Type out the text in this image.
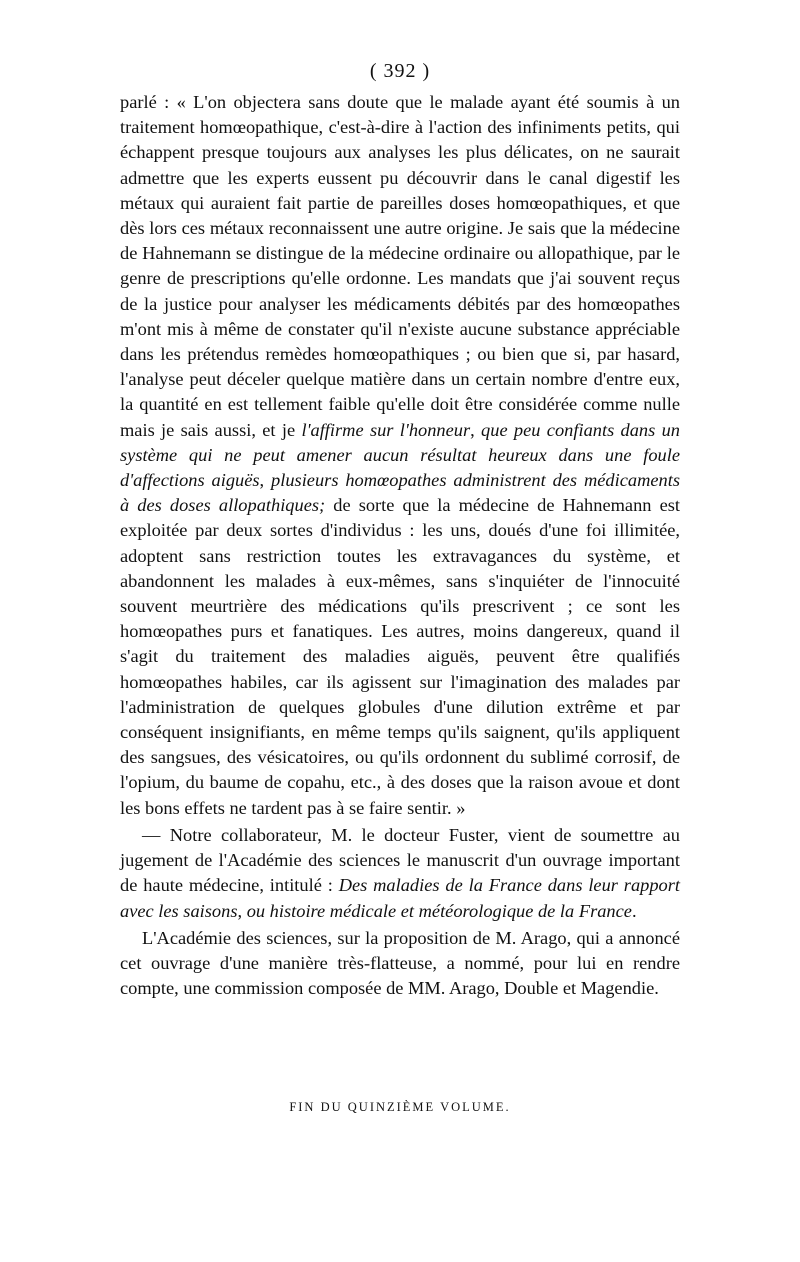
( 392 )

parlé : « L'on objectera sans doute que le malade ayant été soumis à un traitement homœopathique, c'est-à-dire à l'action des infiniments petits, qui échappent presque toujours aux analyses les plus délicates, on ne saurait admettre que les experts eussent pu découvrir dans le canal digestif les métaux qui auraient fait partie de pareilles doses homœopathiques, et que dès lors ces métaux reconnaissent une autre origine. Je sais que la médecine de Hahnemann se distingue de la médecine ordinaire ou allopathique, par le genre de prescriptions qu'elle ordonne. Les mandats que j'ai souvent reçus de la justice pour analyser les médicaments débités par des homœopathes m'ont mis à même de constater qu'il n'existe aucune substance appréciable dans les prétendus remèdes homœopathiques ; ou bien que si, par hasard, l'analyse peut déceler quelque matière dans un certain nombre d'entre eux, la quantité en est tellement faible qu'elle doit être considérée comme nulle mais je sais aussi, et je l'affirme sur l'honneur, que peu confiants dans un système qui ne peut amener aucun résultat heureux dans une foule d'affections aiguës, plusieurs homœopathes administrent des médicaments à des doses allopathiques; de sorte que la médecine de Hahnemann est exploitée par deux sortes d'individus : les uns, doués d'une foi illimitée, adoptent sans restriction toutes les extravagances du système, et abandonnent les malades à eux-mêmes, sans s'inquiéter de l'innocuité souvent meurtrière des médications qu'ils prescrivent ; ce sont les homœopathes purs et fanatiques. Les autres, moins dangereux, quand il s'agit du traitement des maladies aiguës, peuvent être qualifiés homœopathes habiles, car ils agissent sur l'imagination des malades par l'administration de quelques globules d'une dilution extrême et par conséquent insignifiants, en même temps qu'ils saignent, qu'ils appliquent des sangsues, des vésicatoires, ou qu'ils ordonnent du sublimé corrosif, de l'opium, du baume de copahu, etc., à des doses que la raison avoue et dont les bons effets ne tardent pas à se faire sentir. »

— Notre collaborateur, M. le docteur Fuster, vient de soumettre au jugement de l'Académie des sciences le manuscrit d'un ouvrage important de haute médecine, intitulé : Des maladies de la France dans leur rapport avec les saisons, ou histoire médicale et météorologique de la France.

L'Académie des sciences, sur la proposition de M. Arago, qui a annoncé cet ouvrage d'une manière très-flatteuse, a nommé, pour lui en rendre compte, une commission composée de MM. Arago, Double et Magendie.

FIN DU QUINZIÈME VOLUME.
